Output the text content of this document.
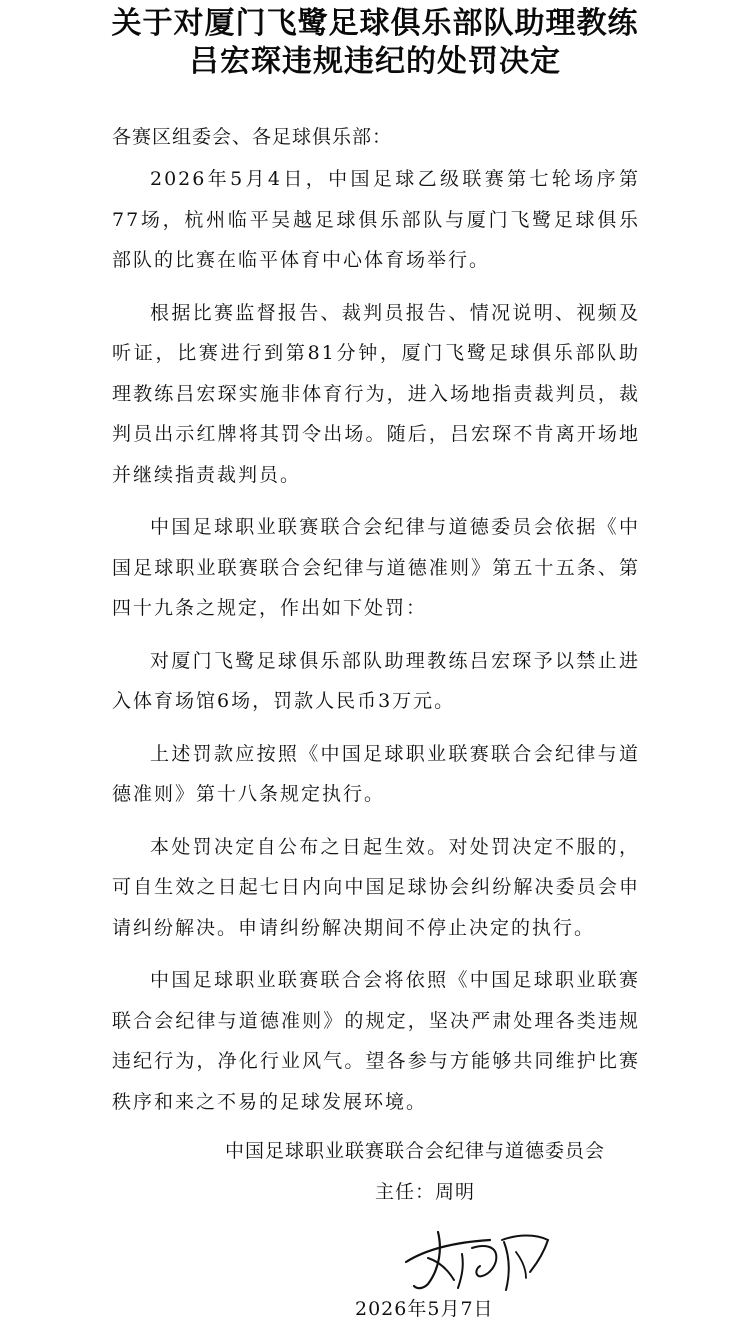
关于对厦门飞鹭足球俱乐部队助理教练
吕宏琛违规违纪的处罚决定
各赛区组委会、各足球俱乐部：

2026年5月4日，中国足球乙级联赛第七轮场序第77场，杭州临平吴越足球俱乐部队与厦门飞鹭足球俱乐部队的比赛在临平体育中心体育场举行。

根据比赛监督报告、裁判员报告、情况说明、视频及听证，比赛进行到第81分钟，厦门飞鹭足球俱乐部队助理教练吕宏琛实施非体育行为，进入场地指责裁判员，裁判员出示红牌将其罚令出场。随后，吕宏琛不肯离开场地并继续指责裁判员。

中国足球职业联赛联合会纪律与道德委员会依据《中国足球职业联赛联合会纪律与道德准则》第五十五条、第四十九条之规定，作出如下处罚：

对厦门飞鹭足球俱乐部队助理教练吕宏琛予以禁止进入体育场馆6场，罚款人民币3万元。

上述罚款应按照《中国足球职业联赛联合会纪律与道德准则》第十八条规定执行。

本处罚决定自公布之日起生效。对处罚决定不服的，可自生效之日起七日内向中国足球协会纠纷解决委员会申请纠纷解决。申请纠纷解决期间不停止决定的执行。

中国足球职业联赛联合会将依照《中国足球职业联赛联合会纪律与道德准则》的规定，坚决严肃处理各类违规违纪行为，净化行业风气。望各参与方能够共同维护比赛秩序和来之不易的足球发展环境。

中国足球职业联赛联合会纪律与道德委员会
主任：周明
2026年5月7日
